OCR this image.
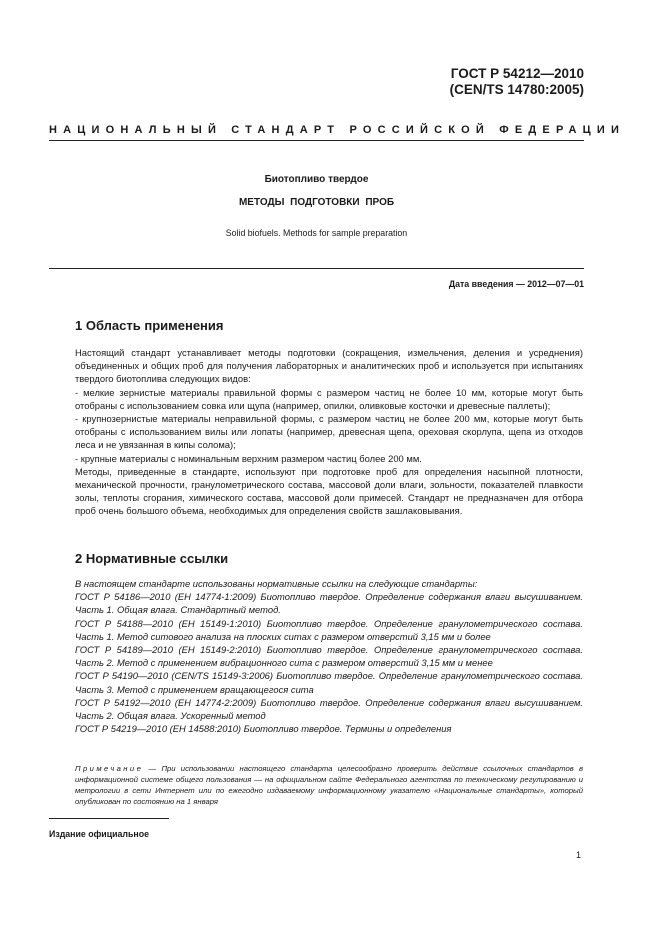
ГОСТ Р 54212—2010
(CEN/TS 14780:2005)
НАЦИОНАЛЬНЫЙ СТАНДАРТ РОССИЙСКОЙ ФЕДЕРАЦИИ
Биотопливо твердое
МЕТОДЫ ПОДГОТОВКИ ПРОБ
Solid biofuels. Methods for sample preparation
Дата введения — 2012—07—01
1 Область применения

Настоящий стандарт устанавливает методы подготовки (сокращения, измельчения, деления и усреднения) объединенных и общих проб для получения лабораторных и аналитических проб и используется при испытаниях твердого биотоплива следующих видов:

- мелкие зернистые материалы правильной формы с размером частиц не более 10 мм, которые могут быть отобраны с использованием совка или щупа (например, опилки, оливковые косточки и древесные паллеты);

- крупнозернистые материалы неправильной формы, с размером частиц не более 200 мм, которые могут быть отобраны с использованием вилы или лопаты (например, древесная щепа, ореховая скорлупа, щепа из отходов леса и не увязанная в кипы солома);

- крупные материалы с номинальным верхним размером частиц более 200 мм.

Методы, приведенные в стандарте, используют при подготовке проб для определения насыпной плотности, механической прочности, гранулометрического состава, массовой доли влаги, зольности, показателей плавкости золы, теплоты сгорания, химического состава, массовой доли примесей. Стандарт не предназначен для отбора проб очень большого объема, необходимых для определения свойств зашлаковывания.

2 Нормативные ссылки

В настоящем стандарте использованы нормативные ссылки на следующие стандарты:

ГОСТ Р 54186—2010 (ЕН 14774-1:2009) Биотопливо твердое. Определение содержания влаги высушиванием. Часть 1. Общая влага. Стандартный метод.

ГОСТ Р 54188—2010 (ЕН 15149-1:2010) Биотопливо твердое. Определение гранулометрического состава. Часть 1. Метод ситового анализа на плоских ситах с размером отверстий 3,15 мм и более

ГОСТ Р 54189—2010 (ЕН 15149-2:2010) Биотопливо твердое. Определение гранулометрического состава. Часть 2. Метод с применением вибрационного сита с размером отверстий 3,15 мм и менее

ГОСТ Р 54190—2010 (CEN/TS 15149-3:2006) Биотопливо твердое. Определение гранулометрического состава. Часть 3. Метод с применением вращающегося сита

ГОСТ Р 54192—2010 (ЕН 14774-2:2009) Биотопливо твердое. Определение содержания влаги высушиванием. Часть 2. Общая влага. Ускоренный метод

ГОСТ Р 54219—2010 (ЕН 14588:2010) Биотопливо твердое. Термины и определения

Примечание — При использовании настоящего стандарта целесообразно проверить действие ссылочных стандартов в информационной системе общего пользования — на официальном сайте Федерального агентства по техническому регулированию и метрологии в сети Интернет или по ежегодно издаваемому информационному указателю «Национальные стандарты», который опубликован по состоянию на 1 января
Издание официальное
1
